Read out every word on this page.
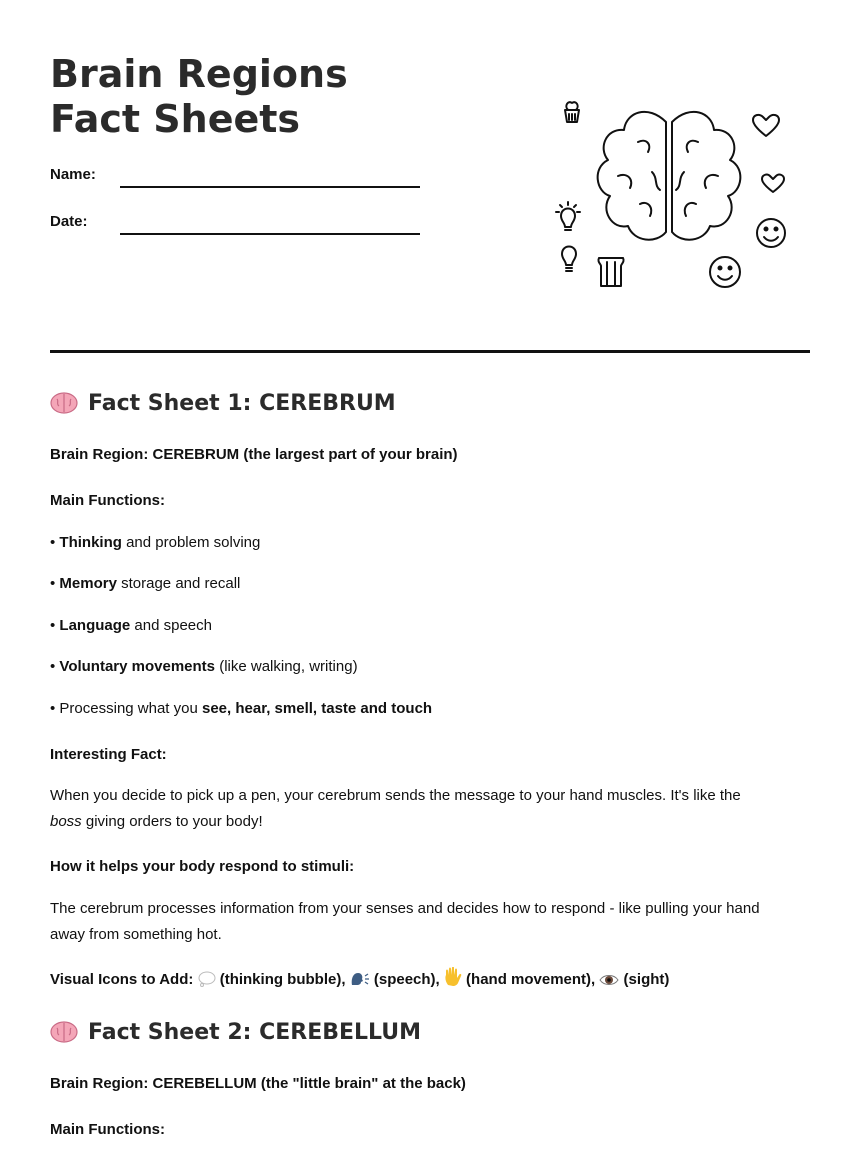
Brain Regions Fact Sheets
Name:
Date:
Fact Sheet 1: CEREBRUM
Brain Region: CEREBRUM (the largest part of your brain)
Main Functions:
• Thinking and problem solving
• Memory storage and recall
• Language and speech
• Voluntary movements (like walking, writing)
• Processing what you see, hear, smell, taste and touch
Interesting Fact:
When you decide to pick up a pen, your cerebrum sends the message to your hand muscles. It's like the
boss giving orders to your body!
How it helps your body respond to stimuli:
The cerebrum processes information from your senses and decides how to respond - like pulling your hand
away from something hot.
Visual Icons to Add:  (thinking bubble),  (speech),  (hand movement),  (sight)
Fact Sheet 2: CEREBELLUM
Brain Region: CEREBELLUM (the "little brain" at the back)
Main Functions:
